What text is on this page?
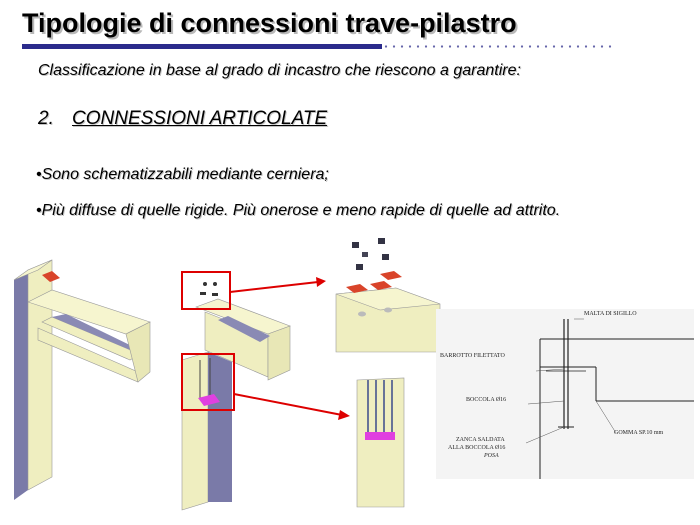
Tipologie di connessioni trave-pilastro
Classificazione in base al grado di incastro che riescono a garantire:
2. CONNESSIONI ARTICOLATE
•Sono schematizzabili mediante cerniera;
•Più diffuse di quelle rigide. Più onerose e meno rapide di quelle ad attrito.
MALTA DI SIGILLO
BARROTTO FILETTATO
BOCCOLA Ø16
GOMMA SP.10 mm
ZANCA SALDATA
ALLA BOCCOLA Ø16
POSA
